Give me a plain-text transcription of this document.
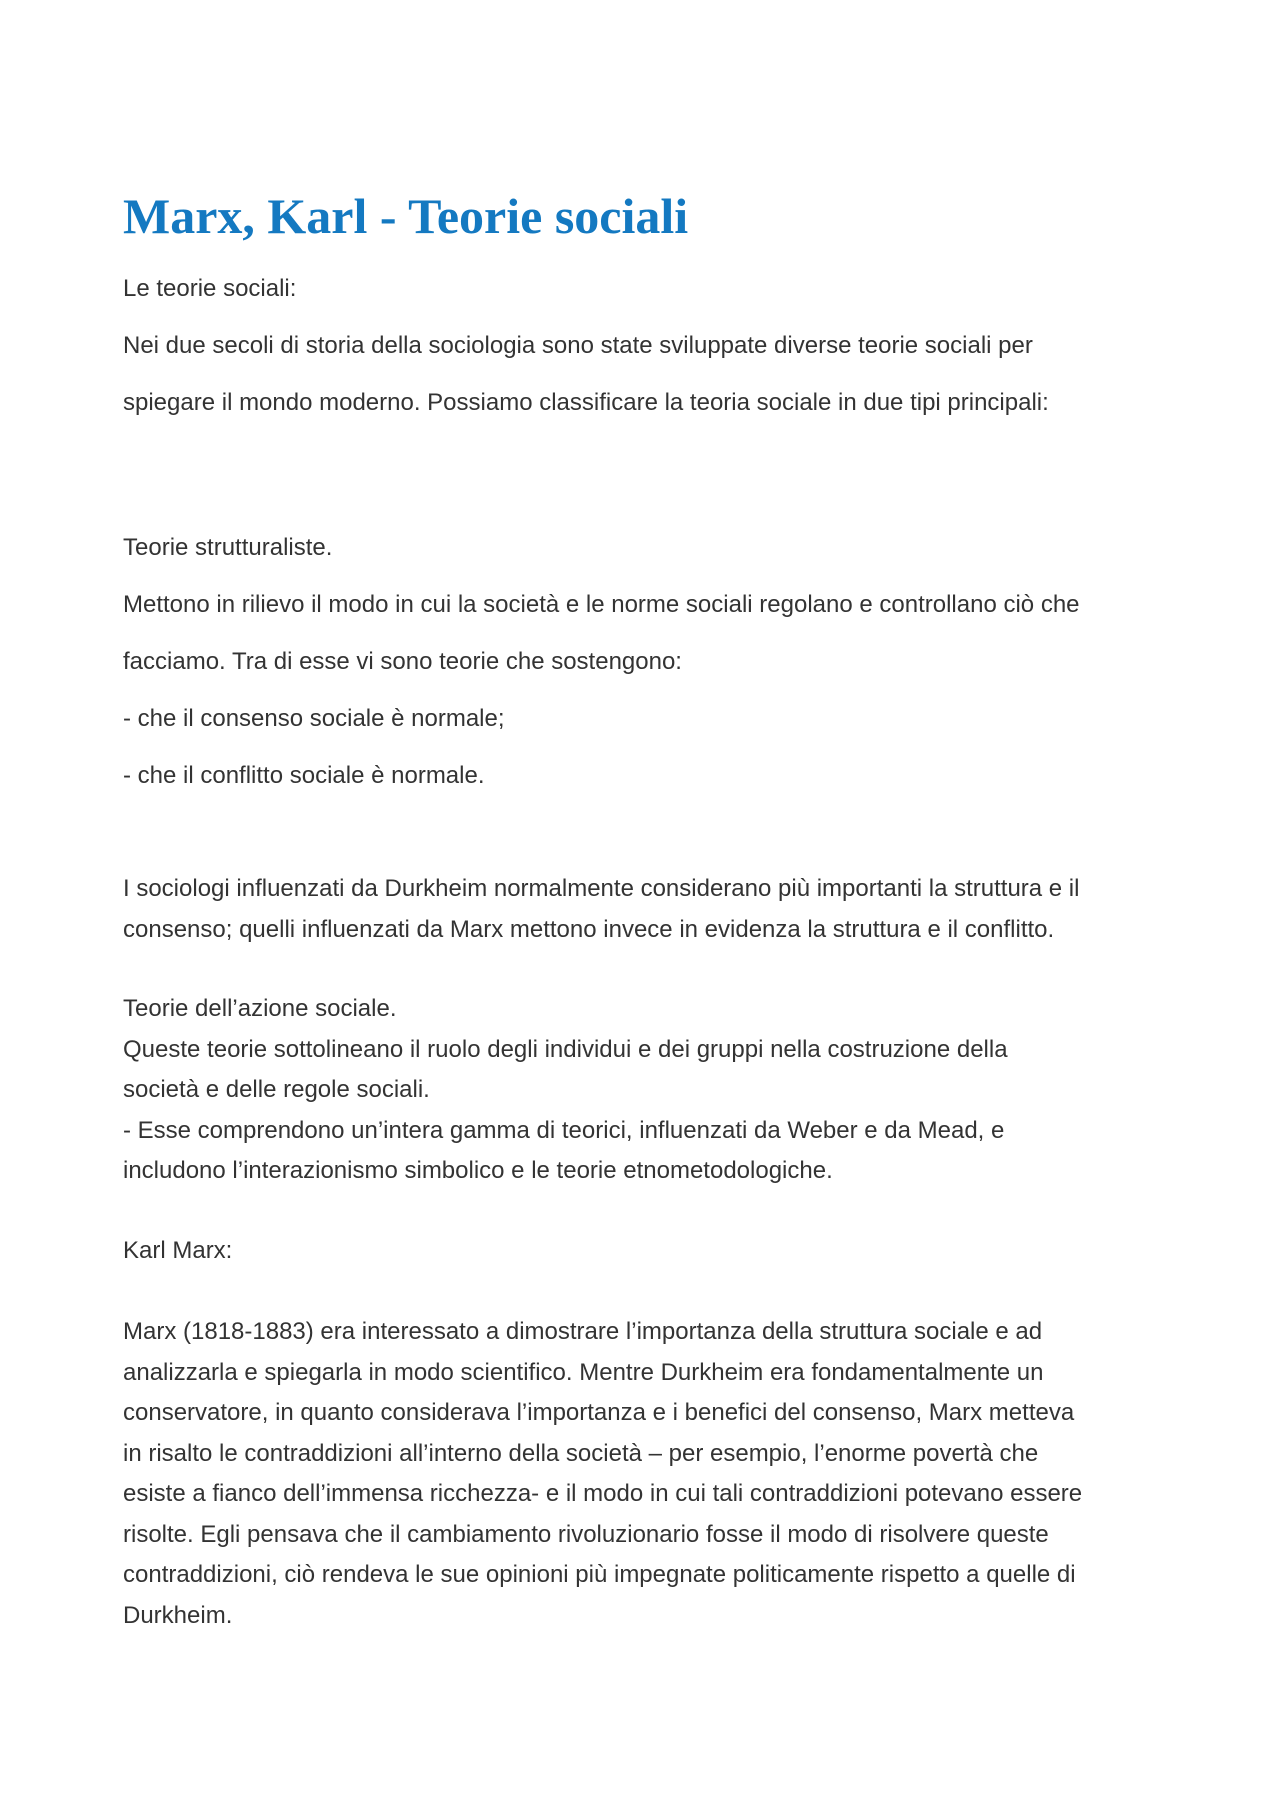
Marx, Karl - Teorie sociali
Le teorie sociali:
Nei due secoli di storia della sociologia sono state sviluppate diverse teorie sociali per
spiegare il mondo moderno. Possiamo classificare la teoria sociale in due tipi principali:
Teorie strutturaliste.
Mettono in rilievo il modo in cui la società e le norme sociali regolano e controllano ciò che
facciamo. Tra di esse vi sono teorie che sostengono:
- che il consenso sociale è normale;
- che il conflitto sociale è normale.
I sociologi influenzati da Durkheim normalmente considerano più importanti la struttura e il
consenso; quelli influenzati da Marx mettono invece in evidenza la struttura e il conflitto.
Teorie dell’azione sociale.
Queste teorie sottolineano il ruolo degli individui e dei gruppi nella costruzione della
società e delle regole sociali.
- Esse comprendono un’intera gamma di teorici, influenzati da Weber e da Mead, e
includono l’interazionismo simbolico e le teorie etnometodologiche.
Karl Marx:
Marx (1818-1883) era interessato a dimostrare l’importanza della struttura sociale e ad
analizzarla e spiegarla in modo scientifico. Mentre Durkheim era fondamentalmente un
conservatore, in quanto considerava l’importanza e i benefici del consenso, Marx metteva
in risalto le contraddizioni all’interno della società – per esempio, l’enorme povertà che
esiste a fianco dell’immensa ricchezza- e il modo in cui tali contraddizioni potevano essere
risolte. Egli pensava che il cambiamento rivoluzionario fosse il modo di risolvere queste
contraddizioni, ciò rendeva le sue opinioni più impegnate politicamente rispetto a quelle di
Durkheim.
